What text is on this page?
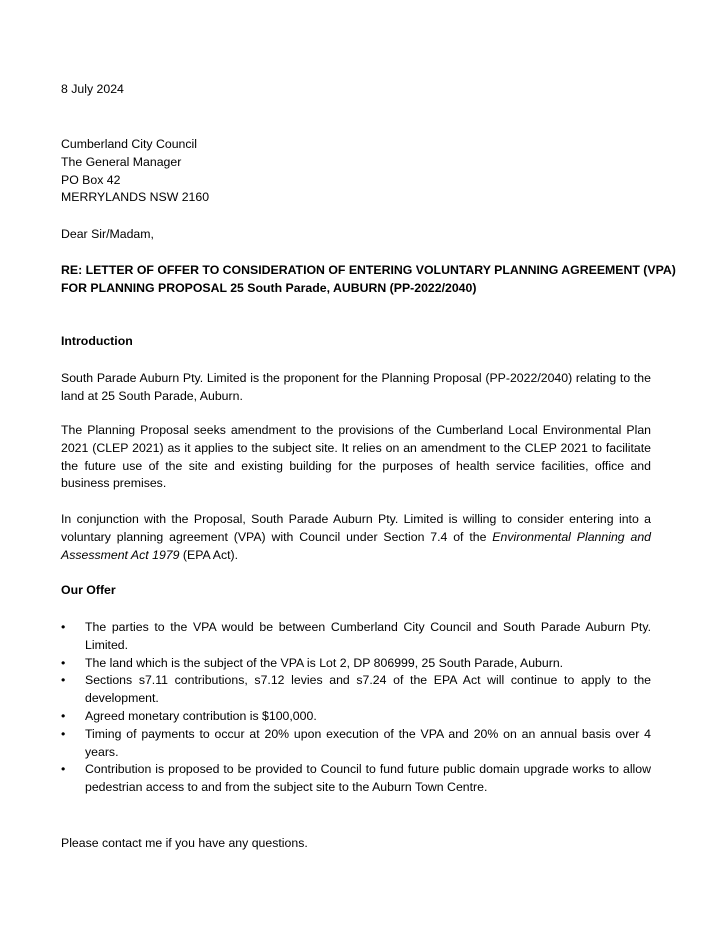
8 July 2024
Cumberland City Council
The General Manager
PO Box 42
MERRYLANDS NSW 2160
Dear Sir/Madam,
RE: LETTER OF OFFER TO CONSIDERATION OF ENTERING VOLUNTARY PLANNING AGREEMENT (VPA)
FOR PLANNING PROPOSAL 25 South Parade, AUBURN (PP-2022/2040)
Introduction
South Parade Auburn Pty. Limited is the proponent for the Planning Proposal (PP-2022/2040) relating to the land at 25 South Parade, Auburn.
The Planning Proposal seeks amendment to the provisions of the Cumberland Local Environmental Plan 2021 (CLEP 2021) as it applies to the subject site. It relies on an amendment to the CLEP 2021 to facilitate the future use of the site and existing building for the purposes of health service facilities, office and business premises.
In conjunction with the Proposal, South Parade Auburn Pty. Limited is willing to consider entering into a voluntary planning agreement (VPA) with Council under Section 7.4 of the Environmental Planning and Assessment Act 1979 (EPA Act).
Our Offer
• The parties to the VPA would be between Cumberland City Council and South Parade Auburn Pty. Limited.
• The land which is the subject of the VPA is Lot 2, DP 806999, 25 South Parade, Auburn.
• Sections s7.11 contributions, s7.12 levies and s7.24 of the EPA Act will continue to apply to the development.
• Agreed monetary contribution is $100,000.
• Timing of payments to occur at 20% upon execution of the VPA and 20% on an annual basis over 4 years.
• Contribution is proposed to be provided to Council to fund future public domain upgrade works to allow pedestrian access to and from the subject site to the Auburn Town Centre.
Please contact me if you have any questions.
